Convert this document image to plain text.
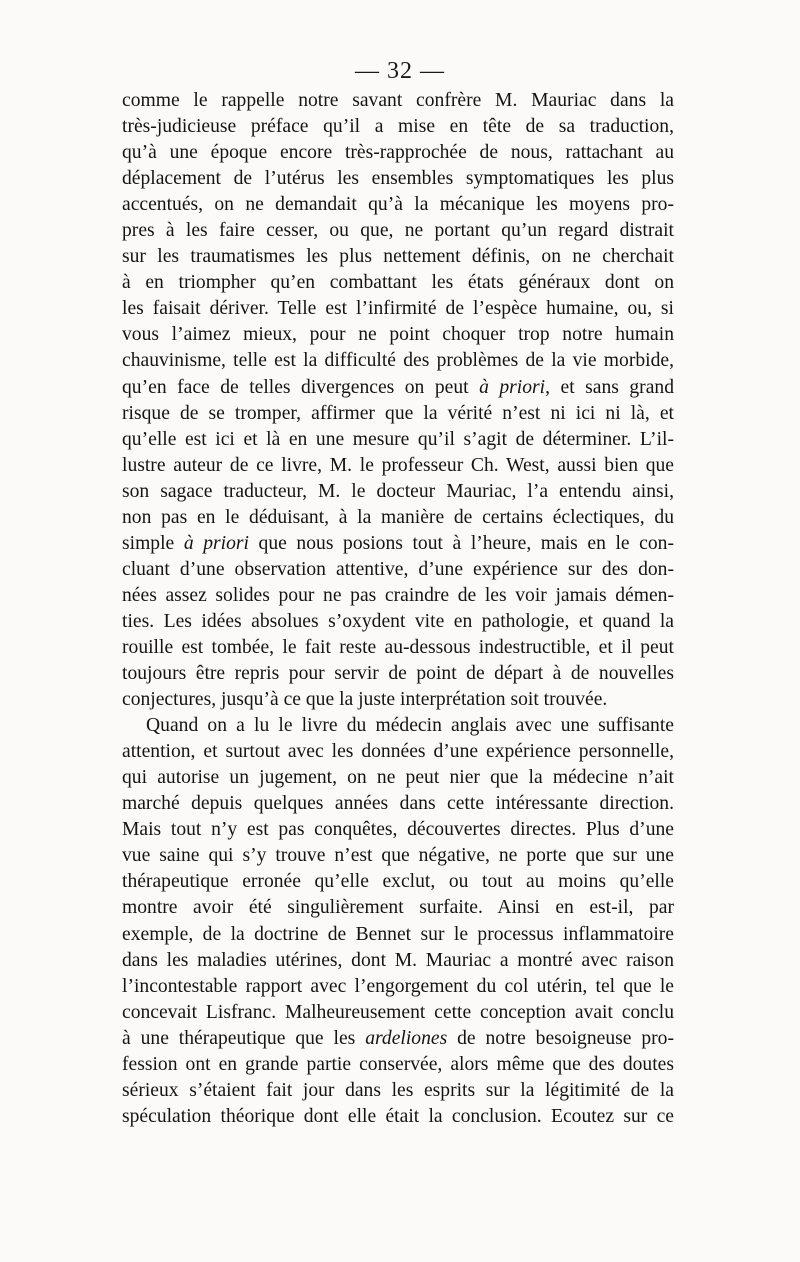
— 32 —
comme le rappelle notre savant confrère M. Mauriac dans la
très-judicieuse préface qu’il a mise en tête de sa traduction,
qu’à une époque encore très-rapprochée de nous, rattachant au
déplacement de l’utérus les ensembles symptomatiques les plus
accentués, on ne demandait qu’à la mécanique les moyens pro-
pres à les faire cesser, ou que, ne portant qu’un regard distrait
sur les traumatismes les plus nettement définis, on ne cherchait
à en triompher qu’en combattant les états généraux dont on
les faisait dériver. Telle est l’infirmité de l’espèce humaine, ou, si
vous l’aimez mieux, pour ne point choquer trop notre humain
chauvinisme, telle est la difficulté des problèmes de la vie morbide,
qu’en face de telles divergences on peut à priori, et sans grand
risque de se tromper, affirmer que la vérité n’est ni ici ni là, et
qu’elle est ici et là en une mesure qu’il s’agit de déterminer. L’il-
lustre auteur de ce livre, M. le professeur Ch. West, aussi bien que
son sagace traducteur, M. le docteur Mauriac, l’a entendu ainsi,
non pas en le déduisant, à la manière de certains éclectiques, du
simple à priori que nous posions tout à l’heure, mais en le con-
cluant d’une observation attentive, d’une expérience sur des don-
nées assez solides pour ne pas craindre de les voir jamais démen-
ties. Les idées absolues s’oxydent vite en pathologie, et quand la
rouille est tombée, le fait reste au-dessous indestructible, et il peut
toujours être repris pour servir de point de départ à de nouvelles
conjectures, jusqu’à ce que la juste interprétation soit trouvée.
Quand on a lu le livre du médecin anglais avec une suffisante
attention, et surtout avec les données d’une expérience personnelle,
qui autorise un jugement, on ne peut nier que la médecine n’ait
marché depuis quelques années dans cette intéressante direction.
Mais tout n’y est pas conquêtes, découvertes directes. Plus d’une
vue saine qui s’y trouve n’est que négative, ne porte que sur une
thérapeutique erronée qu’elle exclut, ou tout au moins qu’elle
montre avoir été singulièrement surfaite. Ainsi en est-il, par
exemple, de la doctrine de Bennet sur le processus inflammatoire
dans les maladies utérines, dont M. Mauriac a montré avec raison
l’incontestable rapport avec l’engorgement du col utérin, tel que le
concevait Lisfranc. Malheureusement cette conception avait conclu
à une thérapeutique que les ardeliones de notre besoigneuse pro-
fession ont en grande partie conservée, alors même que des doutes
sérieux s’étaient fait jour dans les esprits sur la légitimité de la
spéculation théorique dont elle était la conclusion. Ecoutez sur ce
